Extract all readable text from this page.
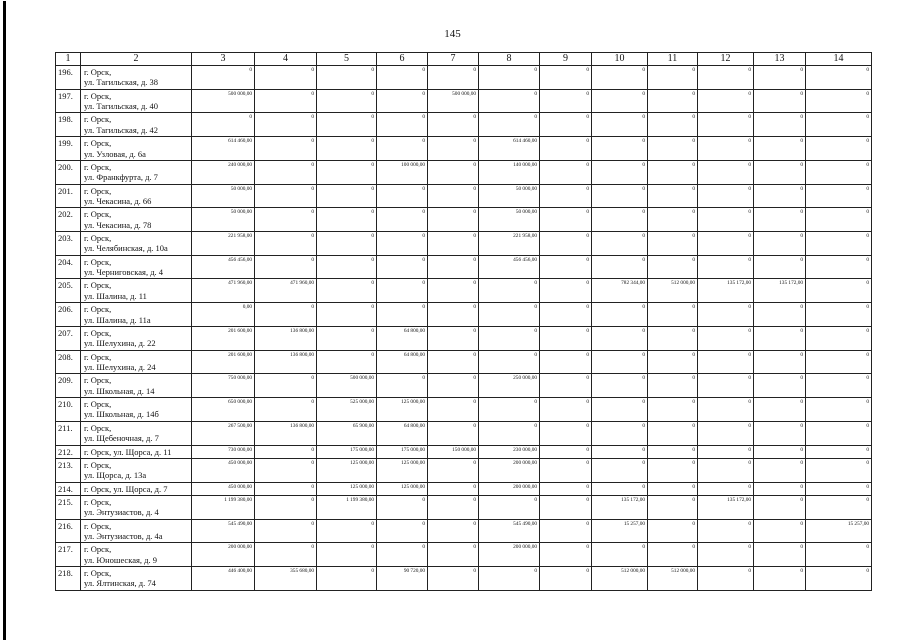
145
1	2	3	4	5	6	7	8	9	10	11	12	13	14
196.	г. Орск,
ул. Тагильская, д. 38	0	0	0	0	0	0	0	0	0	0	0	0
197.	г. Орск,
ул. Тагильская, д. 40	500 000,00	0	0	0	500 000,00	0	0	0	0	0	0	0
198.	г. Орск,
ул. Тагильская, д. 42	0	0	0	0	0	0	0	0	0	0	0	0
199.	г. Орск,
ул. Узловая, д. 6а	614 460,00	0	0	0	0	614 460,00	0	0	0	0	0	0
200.	г. Орск,
ул. Франкфурта, д. 7	240 000,00	0	0	100 000,00	0	140 000,00	0	0	0	0	0	0
201.	г. Орск,
ул. Чекасина, д. 66	50 000,00	0	0	0	0	50 000,00	0	0	0	0	0	0
202.	г. Орск,
ул. Чекасина, д. 78	50 000,00	0	0	0	0	50 000,00	0	0	0	0	0	0
203.	г. Орск,
ул. Челябинская, д. 10а	221 958,00	0	0	0	0	221 958,00	0	0	0	0	0	0
204.	г. Орск,
ул. Черниговская, д. 4	456 456,00	0	0	0	0	456 456,00	0	0	0	0	0	0
205.	г. Орск,
ул. Шалина, д. 11	471 960,00	471 960,00	0	0	0	0	0	782 344,00	512 000,00	135 172,00	135 172,00	0
206.	г. Орск,
ул. Шалина, д. 11а	0,00	0	0	0	0	0	0	0	0	0	0	0
207.	г. Орск,
ул. Шелухина, д. 22	201 600,00	136 800,00	0	64 800,00	0	0	0	0	0	0	0	0
208.	г. Орск,
ул. Шелухина, д. 24	201 600,00	136 800,00	0	64 800,00	0	0	0	0	0	0	0	0
209.	г. Орск,
ул. Школьная, д. 14	750 000,00	0	500 000,00	0	0	250 000,00	0	0	0	0	0	0
210.	г. Орск,
ул. Школьная, д. 14б	650 000,00	0	525 000,00	125 000,00	0	0	0	0	0	0	0	0
211.	г. Орск,
ул. Щебеночная, д. 7	267 500,00	136 800,00	65 900,00	64 800,00	0	0	0	0	0	0	0	0
212.	г. Орск, ул. Щорса, д. 11	730 000,00	0	175 000,00	175 000,00	150 000,00	230 000,00	0	0	0	0	0	0
213.	г. Орск,
ул. Щорса, д. 13а	450 000,00	0	125 000,00	125 000,00	0	200 000,00	0	0	0	0	0	0
214.	г. Орск, ул. Щорса, д. 7	450 000,00	0	125 000,00	125 000,00	0	200 000,00	0	0	0	0	0	0
215.	г. Орск,
ул. Энтузиастов, д. 4	1 199 380,00	0	1 199 380,00	0	0	0	0	135 172,00	0	135 172,00	0	0
216.	г. Орск,
ул. Энтузиастов, д. 4а	545 490,00	0	0	0	0	545 490,00	0	15 257,00	0	0	0	15 257,00
217.	г. Орск,
ул. Юношеская, д. 9	200 000,00	0	0	0	0	200 000,00	0	0	0	0	0	0
218.	г. Орск,
ул. Ялтинская, д. 74	446 400,00	355 680,00	0	90 720,00	0	0	0	512 000,00	512 000,00	0	0	0
